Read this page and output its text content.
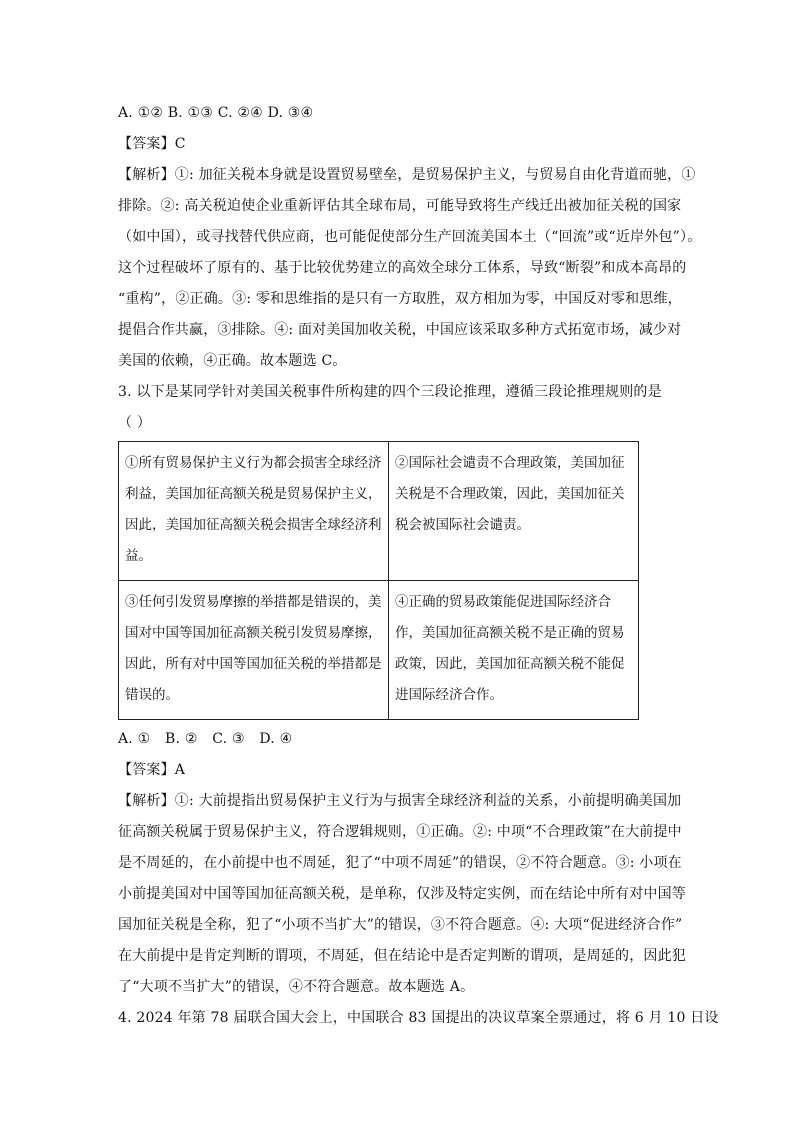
A. ①② B. ①③ C. ②④ D. ③④
【答案】C
【解析】①: 加征关税本身就是设置贸易壁垒，是贸易保护主义，与贸易自由化背道而驰，①
排除。②: 高关税迫使企业重新评估其全球布局，可能导致将生产线迁出被加征关税的国家
（如中国），或寻找替代供应商，也可能促使部分生产回流美国本土（“回流”或“近岸外包”）。
这个过程破坏了原有的、基于比较优势建立的高效全球分工体系，导致“断裂”和成本高昂的
“重构”，②正确。③: 零和思维指的是只有一方取胜，双方相加为零，中国反对零和思维，
提倡合作共赢，③排除。④: 面对美国加收关税，中国应该采取多种方式拓宽市场，减少对
美国的依赖，④正确。故本题选 C。
3. 以下是某同学针对美国关税事件所构建的四个三段论推理，遵循三段论推理规则的是
（ ）
①所有贸易保护主义行为都会损害全球经济利益，美国加征高额关税是贸易保护主义，因此，美国加征高额关税会损害全球经济利益。	②国际社会谴责不合理政策，美国加征关税是不合理政策，因此，美国加征关税会被国际社会谴责。

③任何引发贸易摩擦的举措都是错误的，美国对中国等国加征高额关税引发贸易摩擦，因此，所有对中国等国加征关税的举措都是错误的。	④正确的贸易政策能促进国际经济合作，美国加征高额关税不是正确的贸易政策，因此，美国加征高额关税不能促进国际经济合作。
A. ① B. ② C. ③ D. ④
【答案】A
【解析】①: 大前提指出贸易保护主义行为与损害全球经济利益的关系，小前提明确美国加
征高额关税属于贸易保护主义，符合逻辑规则，①正确。②: 中项“不合理政策”在大前提中
是不周延的，在小前提中也不周延，犯了“中项不周延”的错误，②不符合题意。③: 小项在
小前提美国对中国等国加征高额关税，是单称，仅涉及特定实例，而在结论中所有对中国等
国加征关税是全称，犯了“小项不当扩大”的错误，③不符合题意。④: 大项“促进经济合作”
在大前提中是肯定判断的谓项，不周延，但在结论中是否定判断的谓项，是周延的，因此犯
了“大项不当扩大”的错误，④不符合题意。故本题选 A。
4. 2024 年第 78 届联合国大会上，中国联合 83 国提出的决议草案全票通过，将 6 月 10 日设
